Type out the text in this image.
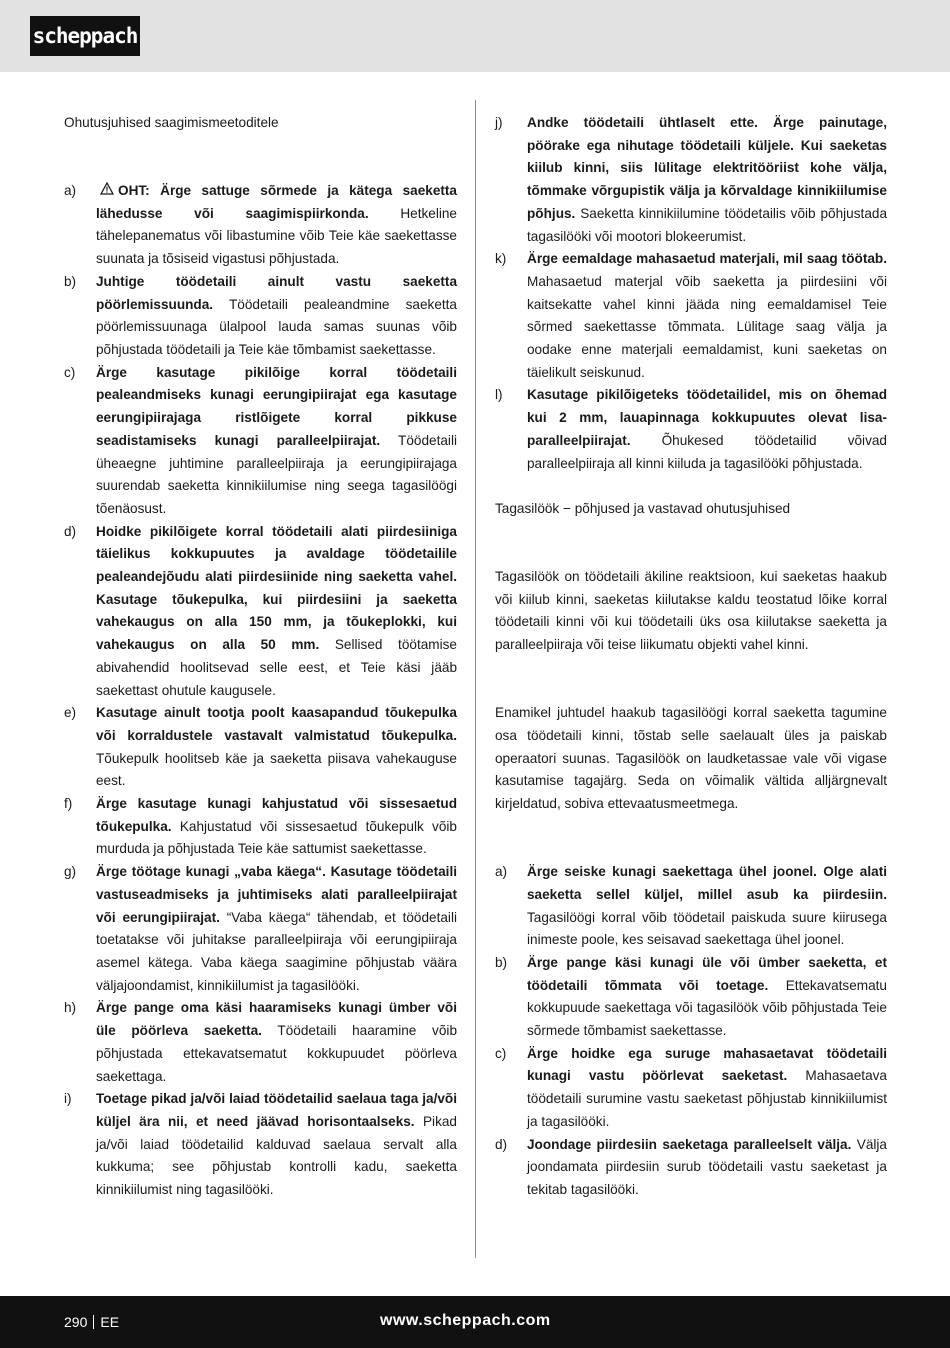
scheppach
Ohutusjuhised saagimismeetoditele
a)	OHT: Ärge sattuge sõrmede ja kätega saeketta lähedusse või saagimispiirkonda. Hetkeline tähelepanematus või libastumine võib Teie käe saekettasse suunata ja tõsiseid vigastusi põhjustada.
b) Juhtige töödetaili ainult vastu saeketta pöörlemissuunda. Töödetaili pealeandmine saeketta pöörlemissuunaga ülalpool lauda samas suunas võib põhjustada töödetaili ja Teie käe tõmbamist saekettasse.
c) Ärge kasutage pikilõige korral töödetaili pealeandmiseks kunagi eerungipiirajat ega kasutage eerungipiirajaga ristlõigete korral pikkuse seadistamiseks kunagi paralleelpiirajat. Töödetaili üheaegne juhtimine paralleelpiiraja ja eerungipiirajaga suurendab saeketta kinnikiilumise ning seega tagasilöögi tõenäosust.
d) Hoidke pikilõigete korral töödetaili alati piirdesiiniga täielikus kokkupuutes ja avaldage töödetailile pealeandejõudu alati piirdesiinide ning saeketta vahel. Kasutage tõukepulka, kui piirdesiini ja saeketta vahekaugus on alla 150 mm, ja tõukeplokki, kui vahekaugus on alla 50 mm. Sellised töötamise abivahendid hoolitsevad selle eest, et Teie käsi jääb saekettast ohutule kaugusele.
e) Kasutage ainult tootja poolt kaasapandud tõukepulka või korraldustele vastavalt valmistatud tõukepulka. Tõukepulk hoolitseb käe ja saeketta piisava vahekauguse eest.
f) Ärge kasutage kunagi kahjustatud või sissesaetud tõukepulka. Kahjustatud või sissesaetud tõukepulk võib murduda ja põhjustada Teie käe sattumist saekettasse.
g) Ärge töötage kunagi „vaba käega“. Kasutage töödetaili vastuseadmiseks ja juhtimiseks alati paralleelpiirajat või eerungipiirajat. “Vaba käega“ tähendab, et töödetaili toetatakse või juhitakse paralleelpiiraja või eerungipiiraja asemel kätega. Vaba käega saagimine põhjustab väära väljajoondamist, kinnikiilumist ja tagasilööki.
h) Ärge pange oma käsi haaramiseks kunagi ümber või üle pöörleva saeketta. Töödetaili haaramine võib põhjustada ettekavatsematut kokkupuudet pöörleva saekettaga.
i) Toetage pikad ja/või laiad töödetailid saelaua taga ja/või küljel ära nii, et need jäävad horisontaalseks. Pikad ja/või laiad töödetailid kalduvad saelaua servalt alla kukkuma; see põhjustab kontrolli kadu, saeketta kinnikiilumist ning tagasilööki.
j) Andke töödetaili ühtlaselt ette. Ärge painutage, pöörake ega nihutage töödetaili küljele. Kui saeketas kiilub kinni, siis lülitage elektritööriist kohe välja, tõmmake võrgupistik välja ja kõrvaldage kinnikiilumise põhjus. Saeketta kinnikiilumine töödetailis võib põhjustada tagasilööki või mootori blokeerumist.
k) Ärge eemaldage mahasaetud materjali, mil saag töötab. Mahasaetud materjal võib saeketta ja piirdesiini või kaitsekatte vahel kinni jääda ning eemaldamisel Teie sõrmed saekettasse tõmmata. Lülitage saag välja ja oodake enne materjali eemaldamist, kuni saeketas on täielikult seiskunud.
l) Kasutage pikilõigeteks töödetailidel, mis on õhemad kui 2 mm, lauapinnaga kokkupuutes olevat lisa-paralleelpiirajat. Õhukesed töödetailid võivad paralleelpiiraja all kinni kiiluda ja tagasilööki põhjustada.
Tagasilöök − põhjused ja vastavad ohutusjuhised

Tagasilöök on töödetaili äkiline reaktsioon, kui saeketas haakub või kiilub kinni, saeketas kiilutakse kaldu teostatud lõike korral töödetaili kinni või kui töödetaili üks osa kiilutakse saeketta ja paralleelpiiraja või teise liikumatu objekti vahel kinni.

Enamikel juhtudel haakub tagasilöögi korral saeketta tagumine osa töödetaili kinni, tõstab selle saelaualt üles ja paiskab operaatori suunas. Tagasilöök on laudketassae vale või vigase kasutamise tagajärg. Seda on võimalik vältida alljärgnevalt kirjeldatud, sobiva ettevaatusmeetmega.

a) Ärge seiske kunagi saekettaga ühel joonel. Olge alati saeketta sellel küljel, millel asub ka piirdesiin. Tagasilöögi korral võib töödetail paiskuda suure kiirusega inimeste poole, kes seisavad saekettaga ühel joonel.
b) Ärge pange käsi kunagi üle või ümber saeketta, et töödetaili tõmmata või toetage. Ettekavatsematu kokkupuude saekettaga või tagasilöök võib põhjustada Teie sõrmede tõmbamist saekettasse.
c) Ärge hoidke ega suruge mahasaetavat töödetaili kunagi vastu pöörlevat saeketast. Mahasaetava töödetaili surumine vastu saeketast põhjustab kinnikiilumist ja tagasilööki.
d) Joondage piirdesiin saeketaga paralleelselt välja. Välja joondamata piirdesiin surub töödetaili vastu saeketast ja tekitab tagasilööki.
290 EE	www.scheppach.com
